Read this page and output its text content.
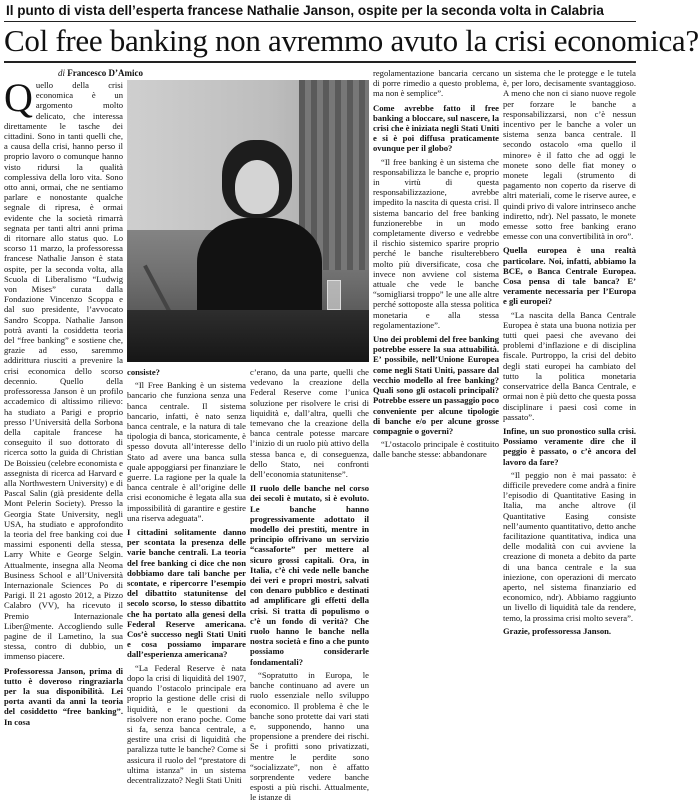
Il punto di vista dell’esperta francese Nathalie Janson, ospite per la seconda volta in Calabria
Col free banking non avremmo avuto la crisi economica?
di Francesco D’Amico

Quello della crisi economica è un argomento molto delicato, che interessa direttamente le tasche dei cittadini. Sono in tanti quelli che, a causa della crisi, hanno perso il proprio lavoro o comunque hanno visto ridursi la qualità complessiva della loro vita. Sono otto anni, ormai, che ne sentiamo parlare e nonostante qualche segnale di ripresa, è ormai evidente che la società rimarrà segnata per tanti altri anni prima di ritornare allo status quo. Lo scorso 11 marzo, la professoressa francese Nathalie Janson è stata ospite, per la seconda volta, alla Scuola di Liberalismo “Ludwig von Mises” curata dalla Fondazione Vincenzo Scoppa e dal suo presidente, l’avvocato Sandro Scoppa. Nathalie Janson potrà avanti la cosiddetta teoria del “free banking” e sostiene che, grazie ad esso, saremmo addirittura riusciti a prevenire la crisi economica dello scorso decennio. Quello della professoressa Janson è un profilo accademico di altissimo rilievo: ha studiato a Parigi e proprio presso l’Università della Sorbona della capitale francese ha conseguito il suo dottorato di ricerca sotto la guida di Christian De Boissieu (celebre economista e assegnista di ricerca ad Harvard e alla Northwestern University) e di Pascal Salin (già presidente della Mont Pelerin Society). Presso la Georgia State University, negli USA, ha studiato e approfondito la teoria del free banking coi due massimi esponenti della stessa, Larry White e George Selgin. Attualmente, insegna alla Neoma Business School e all’Università Internazionale Sciences Po di Parigi. Il 21 agosto 2012, a Pizzo Calabro (VV), ha ricevuto il Premio Internazionale Liber@mente. Accogliendo sulle pagine de il Lametino, la sua stessa, contro di dubbio, un immenso piacere.

Professoressa Janson, prima di tutto è doveroso ringraziarla per la sua disponibilità. Lei porta avanti da anni la teoria del cosiddetto “free banking”. In cosa

consiste?

“Il Free Banking è un sistema bancario che funziona senza una banca centrale. Il sistema bancario, infatti, è nato senza banca centrale, e la natura di tale tipologia di banca, storicamente, è spesso dovuta all’interesse dello Stato ad avere una banca sulla quale appoggiarsi per finanziare le guerre. La ragione per la quale la banca centrale è all’origine delle crisi economiche è legata alla sua impossibilità di garantire e gestire una riserva adeguata”.

I cittadini solitamente danno per scontata la presenza delle varie banche centrali. La teoria del free banking ci dice che non dobbiamo dare tali banche per scontate, e ripercorre l’esempio del dibattito statunitense del secolo scorso, lo stesso dibattito che ha portato alla genesi della Federal Reserve americana. Cos’è successo negli Stati Uniti e cosa possiamo imparare dall’esperienza americana?

“La Federal Reserve è nata dopo la crisi di liquidità del 1907, quando l’ostacolo principale era proprio la gestione delle crisi di liquidità, e le questioni da risolvere non erano poche. Come si fa, senza banca centrale, a gestire una crisi di liquidità che paralizza tutte le banche? Come si assicura il ruolo del “prestatore di ultima istanza” in un sistema decentralizzato? Negli Stati Uniti

c’erano, da una parte, quelli che vedevano la creazione della Federal Reserve come l’unica soluzione per risolvere le crisi di liquidità e, dall’altra, quelli che temevano che la creazione della banca centrale potesse marcare l’inizio di un ruolo più attivo della stessa banca e, di conseguenza, dello Stato, nei confronti dell’economia statunitense”.

Il ruolo delle banche nel corso dei secoli è mutato, si è evoluto. Le banche hanno progressivamente adottato il modello dei prestiti, mentre in principio offrivano un servizio “cassaforte” per mettere al sicuro grossi capitali. Ora, in Italia, c’è chi vede nelle banche dei veri e propri mostri, salvati con denaro pubblico e destinati ad amplificare gli effetti della crisi. Si tratta di populismo o c’è un fondo di verità? Che ruolo hanno le banche nella nostra società e fino a che punto possiamo considerarle fondamentali?

“Sopratutto in Europa, le banche continuano ad avere un ruolo essenziale nello sviluppo economico. Il problema è che le banche sono protette dai vari stati e, supponendo, hanno una propensione a prendere dei rischi. Se i profitti sono privatizzati, mentre le perdite sono “socializzate”, non è affatto sorprendente vedere banche esposti a più rischi. Attualmente, le istanze di

regolamentazione bancaria cercano di porre rimedio a questo problema, ma non è semplice”.

Come avrebbe fatto il free banking a bloccare, sul nascere, la crisi che è iniziata negli Stati Uniti e si è poi diffusa praticamente ovunque per il globo?

“Il free banking è un sistema che responsabilizza le banche e, proprio in virtù di questa responsabilizzazione, avrebbe impedito la nascita di questa crisi. Il sistema bancario del free banking funzionerebbe in un modo completamente diverso e vedrebbe il rischio sistemico sparire proprio perché le banche risulterebbero molto più diversificate, cosa che invece non avviene col sistema attuale che vede le banche “somigliarsi troppo” le une alle altre perché sottoposte alla stessa politica monetaria e alla stessa regolamentazione”.

Uno dei problemi del free banking potrebbe essere la sua attuabilità. E’ possibile, nell’Unione Europea come negli Stati Uniti, passare dal vecchio modello al free banking? Quali sono gli ostacoli principali? Potrebbe essere un passaggio poco conveniente per alcune tipologie di banche e/o per alcune grosse compagnie o governi?

“L’ostacolo principale è costituito dalle banche stesse: abbandonare

un sistema che le protegge e le tutela è, per loro, decisamente svantaggioso. A meno che non ci siano nuove regole per forzare le banche a responsabilizzarsi, non c’è nessun incentivo per le banche a voler un sistema senza banca centrale. Il secondo ostacolo «ma quello il minore» è il fatto che ad oggi le monete sono delle fiat money o monete legali (strumento di pagamento non coperto da riserve di altri materiali, come le riserve auree, e quindi privo di valore intrinseco anche indiretto, ndr). Nel passato, le monete emesse sotto free banking erano emesse con una convertibilità in oro”.

Quella europea è una realtà particolare. Noi, infatti, abbiamo la BCE, o Banca Centrale Europea. Cosa pensa di tale banca? E’ veramente necessaria per l’Europa e gli europei?

“La nascita della Banca Centrale Europea è stata una buona notizia per tutti quei paesi che avevano dei problemi d’inflazione e di disciplina fiscale. Purtroppo, la crisi del debito degli stati europei ha cambiato del tutto la politica monetaria conservatrice della Banca Centrale, e ormai non è più detto che questa possa disciplinare i paesi così come in passato”.

Infine, un suo pronostico sulla crisi. Possiamo veramente dire che il peggio è passato, o c’è ancora del lavoro da fare?

“Il peggio non è mai passato: è difficile prevedere come andrà a finire l’episodio di Quantitative Easing in Italia, ma anche altrove (il Quantitative Easing consiste nell’aumento quantitativo, detto anche facilitazione quantitativa, indica una delle modalità con cui avviene la creazione di moneta a debito da parte di una banca centrale e la sua iniezione, con operazioni di mercato aperto, nel sistema finanziario ed economico, ndr). Abbiamo raggiunto un livello di liquidità tale da rendere, temo, la prossima crisi molto severa”.

Grazie, professoressa Janson.
